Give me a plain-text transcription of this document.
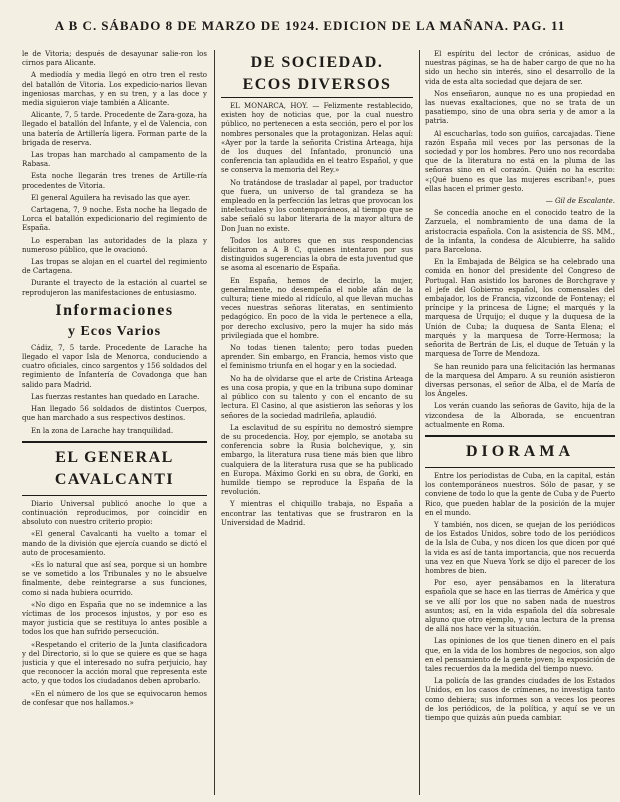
A B C. SÁBADO 8 DE MARZO DE 1924. EDICION DE LA MAÑANA. PAG. 11

le de Vitoria; después de desayunar salie-ron los cirnos para Alicante.

A mediodía y media llegó en otro tren el resto del batallón de Vitoria. Los expedicio-narios llevan ingeniosas marchas, y en su tren, y a las doce y media siguieron viaje también a Alicante.

Alicante, 7, 5 tarde. Procedente de Zara-goza, ha llegado el batallón del Infante, y el de Valencia, con una batería de Artillería ligera. Forman parte de la brigada de reserva.

Las tropas han marchado al campamento de la Rabasa.

Esta noche llegarán tres trenes de Artille-ría procedentes de Vitoria.

El general Aguilera ha revisado las que ayer.

Cartagena, 7, 9 noche. Esta noche ha llegado de Lorca el batallón expedicionario del regimiento de España.

Lo esperaban las autoridades de la plaza y numeroso público, que le ovacionó.

Las tropas se alojan en el cuartel del regimiento de Cartagena.

Durante el trayecto de la estación al cuartel se reprodujeron las manifestaciones de entusiasmo.

Informaciones
y Ecos Varios

Cádiz, 7, 5 tarde. Procedente de Larache ha llegado el vapor Isla de Menorca, conduciendo a cuatro oficiales, cinco sargentos y 156 soldados del regimiento de Infantería de Covadonga que han salido para Madrid.

Las fuerzas restantes han quedado en Larache.

Han llegado 56 soldados de distintos Cuerpos, que han marchado a sus respectivos destinos.

En la zona de Larache hay tranquilidad.

EL GENERAL
CAVALCANTI

Diario Universal publicó anoche lo que a continuación reproducimos, por coincidir en absoluto con nuestro criterio propio:

«El general Cavalcanti ha vuelto a tomar el mando de la división que ejercía cuando se dictó el auto de procesamiento.

«Es lo natural que así sea, porque si un hombre se ve sometido a los Tribunales y no le absuelve finalmente, debe reintegrarse a sus funciones, como si nada hubiera ocurrido.

«No digo en España que no se indemnice a las víctimas de los procesos injustos, y por eso es mayor justicia que se restituya lo antes posible a todos los que han sufrido persecución.

«Respetando el criterio de la Junta clasificadora y del Directorio, si lo que se quiere es que se haga justicia y que el interesado no sufra perjuicio, hay que reconocer la acción moral que representa este acto, y que todos los ciudadanos deben aprobarlo.

«En el número de los que se equivocaron hemos de confesar que nos hallamos.»

DE SOCIEDAD.
ECOS DIVERSOS

EL MONARCA, HOY. — Felizmente restablecido, existen hoy de noticias que, por la cual nuestro público, no pertenecen a esta sección, pero el por los nombres personales que la protagonizan. Helas aquí: «Ayer por la tarde la señorita Cristina Arteaga, hija de los duques del Infantado, pronunció una conferencia tan aplaudida en el teatro Español, y que se conserva la memoria del Rey.»

No tratándose de trasladar al papel, por traductor que fuera, un universo de tal grandeza se ha empleado en la perfección las letras que provocan los intelectuales y los contemporáneos, al tiempo que se sabe señaló su labor literaria de la mayor altura de Don Juan no existe.

Todos los autores que en sus respondencias felicitaron a A B C, quienes intentaron por sus distinguidos sugerencias la obra de esta juventud que se asoma al escenario de España.

En España, hemos de decirlo, la mujer, generalmente, no desempeña el noble afán de la cultura; tiene miedo al ridículo, al que llevan muchas veces nuestras señoras literatas, en sentimiento pedagógico. En poco de la vida le pertenece a ella, por derecho exclusivo, pero la mujer ha sido más privilegiada que el hombre.

No todas tienen talento; pero todas pueden aprender. Sin embargo, en Francia, hemos visto que el feminismo triunfa en el hogar y en la sociedad.

No ha de olvidarse que el arte de Cristina Arteaga es una cosa propia, y que en la tribuna supo dominar al público con su talento y con el encanto de su lectura. El Casino, al que asistieron las señoras y los señores de la sociedad madrileña, aplaudió.

La esclavitud de su espíritu no demostró siempre de su procedencia. Hoy, por ejemplo, se anotaba su conferencia sobre la Rusia bolchevique, y, sin embargo, la literatura rusa tiene más bien que libro cualquiera de la literatura rusa que se ha publicado en Europa. Máximo Gorki en su obra, de Gorki, en humilde tiempo se reproduce la España de la revolución.

Y mientras el chiquillo trabaja, no España a encontrar las tentativas que se frustraron en la Universidad de Madrid.

El espíritu del lector de crónicas, asiduo de nuestras páginas, se ha de haber cargo de que no ha sido un hecho sin interés, sino el desarrollo de la vida de esta alta sociedad que dejara de ser.

Nos enseñaron, aunque no es una propiedad en las nuevas exaltaciones, que no se trata de un pasatiempo, sino de una obra seria y de amor a la patria.

Al escucharlas, todo son guiños, carcajadas. Tiene razón España mil veces por las personas de la sociedad y por los hombres. Pero uno nos recordaba que de la literatura no está en la pluma de las señoras sino en el corazón. Quién no ha escrito: «¡Qué bueno es que las mujeres escriban!», pues ellas hacen el primer gesto.

— Gil de Escalante.

Se concedía anoche en el conocido teatro de la Zarzuela, el nombramiento de una dama de la aristocracia española. Con la asistencia de SS. MM., de la infanta, la condesa de Alcubierre, ha salido para Barcelona.

En la Embajada de Bélgica se ha celebrado una comida en honor del presidente del Congreso de Portugal. Han asistido los barones de Borchgrave y el jefe del Gobierno español, los comensales del embajador, los de Francia, vizconde de Fontenay; el príncipe y la princesa de Ligne; el marqués y la marquesa de Urquijo; el duque y la duquesa de la Unión de Cuba; la duquesa de Santa Elena; el marqués y la marquesa de Torre-Hermosa; la señorita de Bertrán de Lis, el duque de Tetuán y la marquesa de Torre de Mendoza.

Se han reunido para una felicitación las hermanas de la marquesa del Amparo. A su reunión asistieron diversas personas, el señor de Alba, el de María de los Ángeles.

Los verán cuando las señoras de Gavito, hija de la vizcondesa de la Alborada, se encuentran actualmente en Roma.

DIORAMA

Entre los periodistas de Cuba, en la capital, están los contemporáneos nuestros. Sólo de pasar, y se conviene de todo lo que la gente de Cuba y de Puerto Rico, que pueden hablar de la posición de la mujer en el mundo.

Y también, nos dicen, se quejan de los periódicos de los Estados Unidos, sobre todo de los periódicos de la Isla de Cuba, y nos dicen los que dicen por qué la vida es así de tanta importancia, que nos recuerda una vez en que Nueva York se dijo el parecer de los hombres de bien.

Por eso, ayer pensábamos en la literatura española que se hace en las tierras de América y que se ve allí por los que no saben nada de nuestros asuntos; así, en la vida española del día sobresale alguno que otro ejemplo, y una lectura de la prensa de allá nos hace ver la situación.

Las opiniones de los que tienen dinero en el país que, en la vida de los hombres de negocios, son algo en el pensamiento de la gente joven; la exposición de tales recuerdos da la medida del tiempo nuevo.

La policía de las grandes ciudades de los Estados Unidos, en los casos de crímenes, no investiga tanto como debiera; sus informes son a veces los peores de los periódicos, de la política, y aquí se ve un tiempo que quizás aún pueda cambiar.
